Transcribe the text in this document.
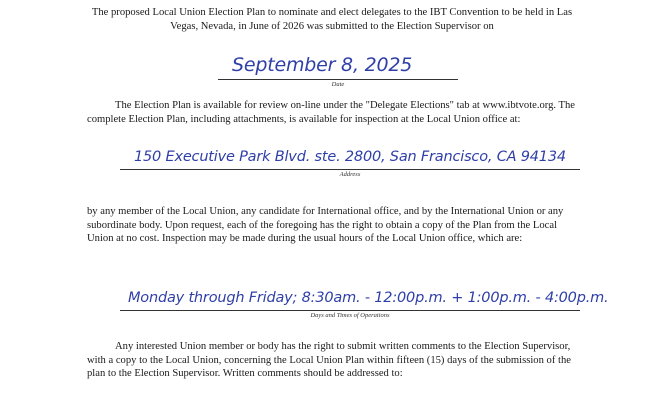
The proposed Local Union Election Plan to nominate and elect delegates to the IBT Convention to be held in Las Vegas, Nevada, in June of 2026 was submitted to the Election Supervisor on

September 8, 2025
Date

The Election Plan is available for review on-line under the "Delegate Elections" tab at www.ibtvote.org. The complete Election Plan, including attachments, is available for inspection at the Local Union office at:

150 Executive Park Blvd. ste. 2800, San Francisco, CA 94134
Address

by any member of the Local Union, any candidate for International office, and by the International Union or any subordinate body. Upon request, each of the foregoing has the right to obtain a copy of the Plan from the Local Union at no cost. Inspection may be made during the usual hours of the Local Union office, which are:

Monday through Friday; 8:30am. - 12:00p.m. + 1:00p.m. - 4:00p.m.
Days and Times of Operations

Any interested Union member or body has the right to submit written comments to the Election Supervisor, with a copy to the Local Union, concerning the Local Union Plan within fifteen (15) days of the submission of the plan to the Election Supervisor. Written comments should be addressed to:
